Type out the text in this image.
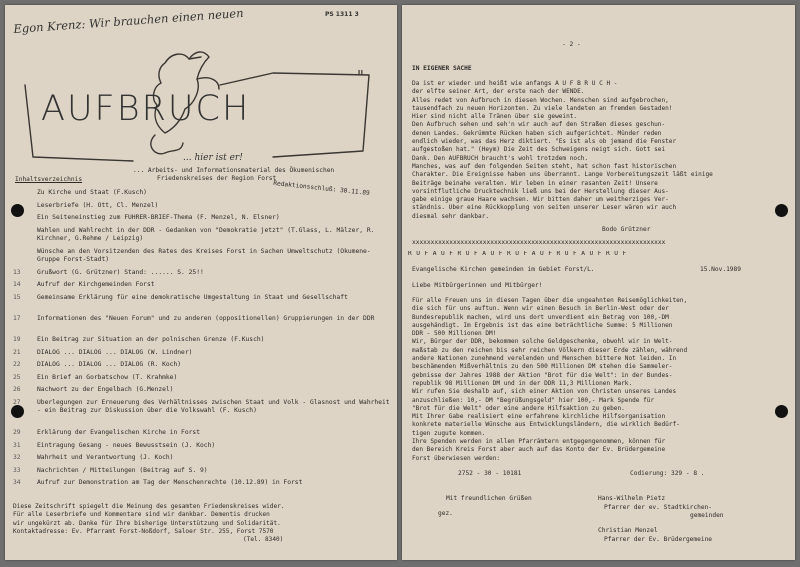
PS 1311 3
Egon Krenz: Wir brauchen einen neuen
AUFBRUCH
... hier ist er!
"
... Arbeits- und Informationsmaterial des Ökumenischen
Friedenskreises der Region Forst
Redaktionsschluß: 30.11.89
Inhaltsverzeichnis
Zu Kirche und Staat (F.Kusch)
Leserbriefe (H. Ott, Cl. Menzel)
Ein Seiteneinstieg zum FÜHRER-BRIEF-Thema (F. Menzel, N. Elsner)
Wahlen und Wahlrecht in der DDR - Gedanken von "Demokratie jetzt" (T.Glass, L. Mälzer, R. Kirchner, G.Rehme / Leipzig)
Wünsche an den Vorsitzenden des Rates des Kreises Forst in Sachen Umweltschutz (Ökumene-Gruppe Forst-Stadt)
13	Grußwort (G. Grützner) Stand: ...... S. 25!!
14	Aufruf der Kirchgemeinden Forst
15	Gemeinsame Erklärung für eine demokratische Umgestaltung in Staat und Gesellschaft
17	Informationen des "Neuen Forum" und zu anderen (oppositionellen) Gruppierungen in der DDR
19	Ein Beitrag zur Situation an der polnischen Grenze (F.Kusch)
21	DIALOG ... DIALOG ... DIALOG (W. Lindner)
22	DIALOG ... DIALOG ... DIALOG (R. Koch)
25	Ein Brief an Gorbatschow (T. Krahmke)
26	Nachwort zu der Engelbach (G.Menzel)
27	Überlegungen zur Erneuerung des Verhältnisses zwischen Staat und Volk - Glasnost und Wahrheit - ein Beitrag zur Diskussion über die Volkswahl (F. Kusch)
29	Erklärung der Evangelischen Kirche in Forst
31	Eintragung Gesang - neues Bewusstsein (J. Koch)
32	Wahrheit und Verantwortung (J. Koch)
33	Nachrichten / Mitteilungen (Beitrag auf S. 9)
34	Aufruf zur Demonstration am Tag der Menschenrechte (10.12.89) in Forst
Diese Zeitschrift spiegelt die Meinung des gesamten Friedenskreises wider.
Für alle Leserbriefe und Kommentare sind wir dankbar. Dementis drucken
wir ungekürzt ab. Danke für Ihre bisherige Unterstützung und Solidarität.
Kontaktadresse: Ev. Pfarramt Forst-Noßdorf, Saloer Str. 255, Forst 7570
(Tel. 8340)
- 2 -
IN EIGENER SACHE
Da ist er wieder und heißt wie anfangs A U F B R U C H -
der elfte seiner Art, der erste nach der WENDE.
Alles redet von Aufbruch in diesen Wochen. Menschen sind aufgebrochen,
tausendfach zu neuen Horizonten. Zu viele landeten an fremden Gestaden!
Hier sind nicht alle Tränen über sie geweint.
Den Aufbruch sehen und seh'n wir auch auf den Straßen dieses geschun-
denen Landes. Gekrümmte Rücken haben sich aufgerichtet. Münder reden
endlich wieder, was das Herz diktiert. "Es ist als ob jemand die Fenster
aufgestoßen hat." (Heym) Die Zeit des Schweigens neigt sich. Gott sei
Dank. Den AUFBRUCH braucht's wohl trotzdem noch.
Manches, was auf den folgenden Seiten steht, hat schon fast historischen
Charakter. Die Ereignisse haben uns überrannt. Lange Vorbereitungszeit läßt einige
Beiträge beinahe veralten. Wir leben in einer rasanten Zeit! Unsere
vorsintflutliche Drucktechnik ließ uns bei der Herstellung dieser Aus-
gabe einige graue Haare wachsen. Wir bitten daher um weitherziges Ver-
ständnis. Über eine Rückkopplung von seiten unserer Leser wären wir auch
diesmal sehr dankbar.
Bodo Grützner
xxxxxxxxxxxxxxxxxxxxxxxxxxxxxxxxxxxxxxxxxxxxxxxxxxxxxxxxxxxxxxxxxxxx
R U F A U F R U F A U F R U F A U F R U F A U F R U F
Evangelische Kirchen gemeinden im Gebiet Forst/L.	15.Nov.1989
Liebe Mitbürgerinnen und Mitbürger!
Für alle Freuen uns in diesen Tagen über die ungeahnten Reisemöglichkeiten,
die sich für uns auftun. Wenn wir einen Besuch in Berlin-West oder der
Bundesrepublik machen, wird uns dort unverdient ein Betrag von 100,-DM
ausgehändigt. Im Ergebnis ist das eine beträchtliche Summe: 5 Millionen
DDR - 500 Millionen DM!
Wir, Bürger der DDR, bekommen solche Geldgeschenke, obwohl wir in Welt-
maßstab zu den reichen bis sehr reichen Völkern dieser Erde zählen, während
andere Nationen zunehmend verelenden und Menschen bittere Not leiden. In
beschämenden Mißverhältnis zu den 500 Millionen DM stehen die Sammeler-
gebnisse der Jahres 1988 der Aktion "Brot für die Welt": in der Bundes-
republik 98 Millionen DM und in der DDR 11,3 Millionen Mark.
Wir rufen Sie deshalb auf, sich einer Aktion von Christen unseres Landes
anzuschließen: 10,- DM "Begrüßungsgeld" hier 100,- Mark Spende für
"Brot für die Welt" oder eine andere Hilfsaktion zu geben.
Mit Ihrer Gabe realisiert eine erfahrene kirchliche Hilfsorganisation
konkrete materielle Wünsche aus Entwicklungsländern, die wirklich Bedürf-
tigen zugute kommen.
Ihre Spenden werden in allen Pfarrämtern entgegengenommen, können für
den Bereich Kreis Forst aber auch auf das Konto der Ev. Brüdergemeine
Forst überwiesen werden:
2752 - 30 - 10181	Codierung: 329 - 8 .
Mit freundlichen Grüßen
gez.
Hans-Wilhelm Pietz
Pfarrer der ev. Stadtkirchen-
gemeinden
Christian Menzel
Pfarrer der Ev. Brüdergemeine
